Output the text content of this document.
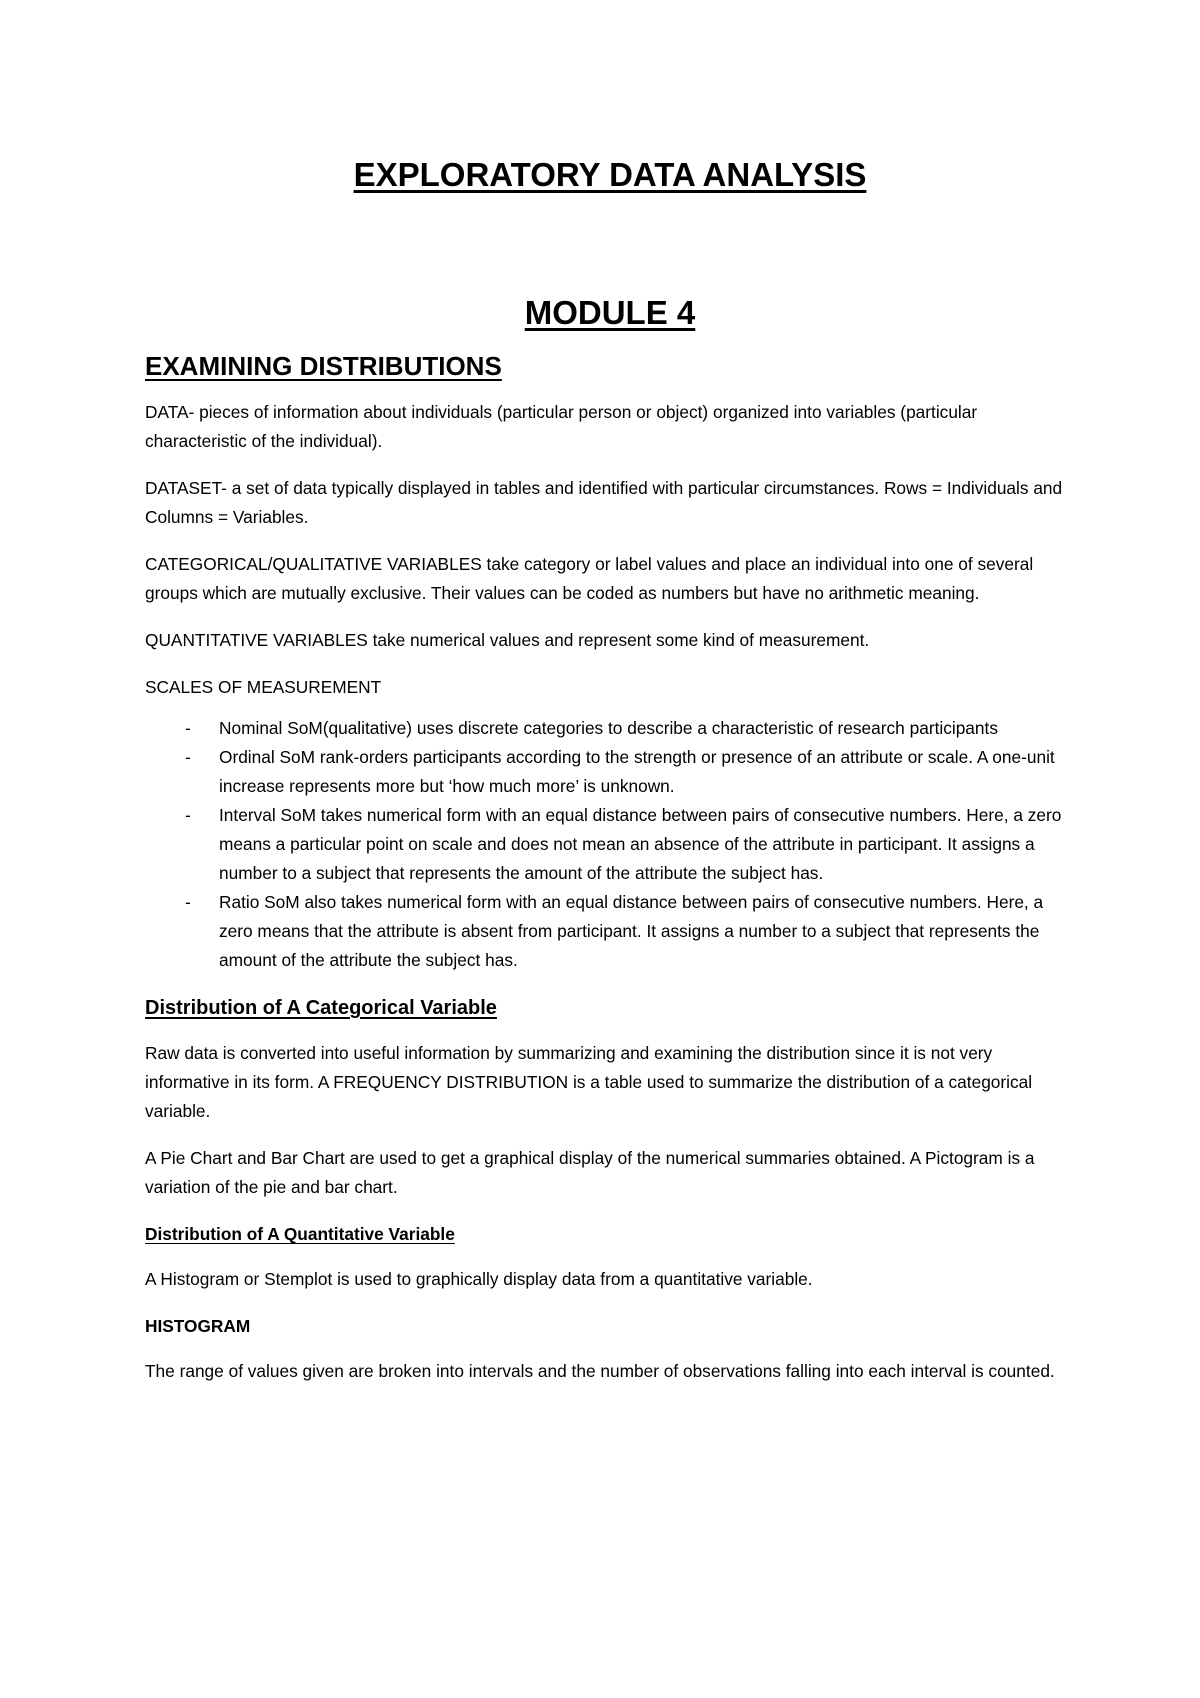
EXPLORATORY DATA ANALYSIS
MODULE 4
EXAMINING DISTRIBUTIONS

DATA- pieces of information about individuals (particular person or object) organized into variables (particular characteristic of the individual).

DATASET- a set of data typically displayed in tables and identified with particular circumstances. Rows = Individuals and Columns = Variables.

CATEGORICAL/QUALITATIVE VARIABLES take category or label values and place an individual into one of several groups which are mutually exclusive. Their values can be coded as numbers but have no arithmetic meaning.

QUANTITATIVE VARIABLES take numerical values and represent some kind of measurement.

SCALES OF MEASUREMENT
- Nominal SoM(qualitative) uses discrete categories to describe a characteristic of research participants
- Ordinal SoM rank-orders participants according to the strength or presence of an attribute or scale. A one-unit increase represents more but ‘how much more’ is unknown.
- Interval SoM takes numerical form with an equal distance between pairs of consecutive numbers. Here, a zero means a particular point on scale and does not mean an absence of the attribute in participant. It assigns a number to a subject that represents the amount of the attribute the subject has.
- Ratio SoM also takes numerical form with an equal distance between pairs of consecutive numbers. Here, a zero means that the attribute is absent from participant. It assigns a number to a subject that represents the amount of the attribute the subject has.
Distribution of A Categorical Variable

Raw data is converted into useful information by summarizing and examining the distribution since it is not very informative in its form. A FREQUENCY DISTRIBUTION is a table used to summarize the distribution of a categorical variable.

A Pie Chart and Bar Chart are used to get a graphical display of the numerical summaries obtained. A Pictogram is a variation of the pie and bar chart.

Distribution of A Quantitative Variable

A Histogram or Stemplot is used to graphically display data from a quantitative variable.

HISTOGRAM

The range of values given are broken into intervals and the number of observations falling into each interval is counted.
